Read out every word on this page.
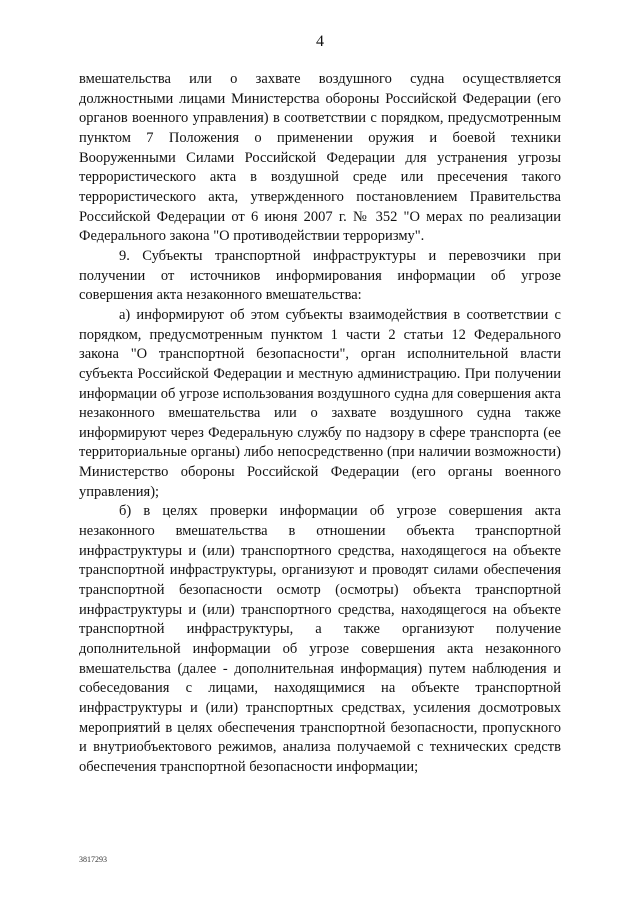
4

вмешательства или о захвате воздушного судна осуществляется должностными лицами Министерства обороны Российской Федерации (его органов военного управления) в соответствии с порядком, предусмотренным пунктом 7 Положения о применении оружия и боевой техники Вооруженными Силами Российской Федерации для устранения угрозы террористического акта в воздушной среде или пресечения такого террористического акта, утвержденного постановлением Правительства Российской Федерации от 6 июня 2007 г. № 352 "О мерах по реализации Федерального закона "О противодействии терроризму".

9. Субъекты транспортной инфраструктуры и перевозчики при получении от источников информирования информации об угрозе совершения акта незаконного вмешательства:

а) информируют об этом субъекты взаимодействия в соответствии с порядком, предусмотренным пунктом 1 части 2 статьи 12 Федерального закона "О транспортной безопасности", орган исполнительной власти субъекта Российской Федерации и местную администрацию. При получении информации об угрозе использования воздушного судна для совершения акта незаконного вмешательства или о захвате воздушного судна также информируют через Федеральную службу по надзору в сфере транспорта (ее территориальные органы) либо непосредственно (при наличии возможности) Министерство обороны Российской Федерации (его органы военного управления);

б) в целях проверки информации об угрозе совершения акта незаконного вмешательства в отношении объекта транспортной инфраструктуры и (или) транспортного средства, находящегося на объекте транспортной инфраструктуры, организуют и проводят силами обеспечения транспортной безопасности осмотр (осмотры) объекта транспортной инфраструктуры и (или) транспортного средства, находящегося на объекте транспортной инфраструктуры, а также организуют получение дополнительной информации об угрозе совершения акта незаконного вмешательства (далее - дополнительная информация) путем наблюдения и собеседования с лицами, находящимися на объекте транспортной инфраструктуры и (или) транспортных средствах, усиления досмотровых мероприятий в целях обеспечения транспортной безопасности, пропускного и внутриобъектового режимов, анализа получаемой с технических средств обеспечения транспортной безопасности информации;

3817293
